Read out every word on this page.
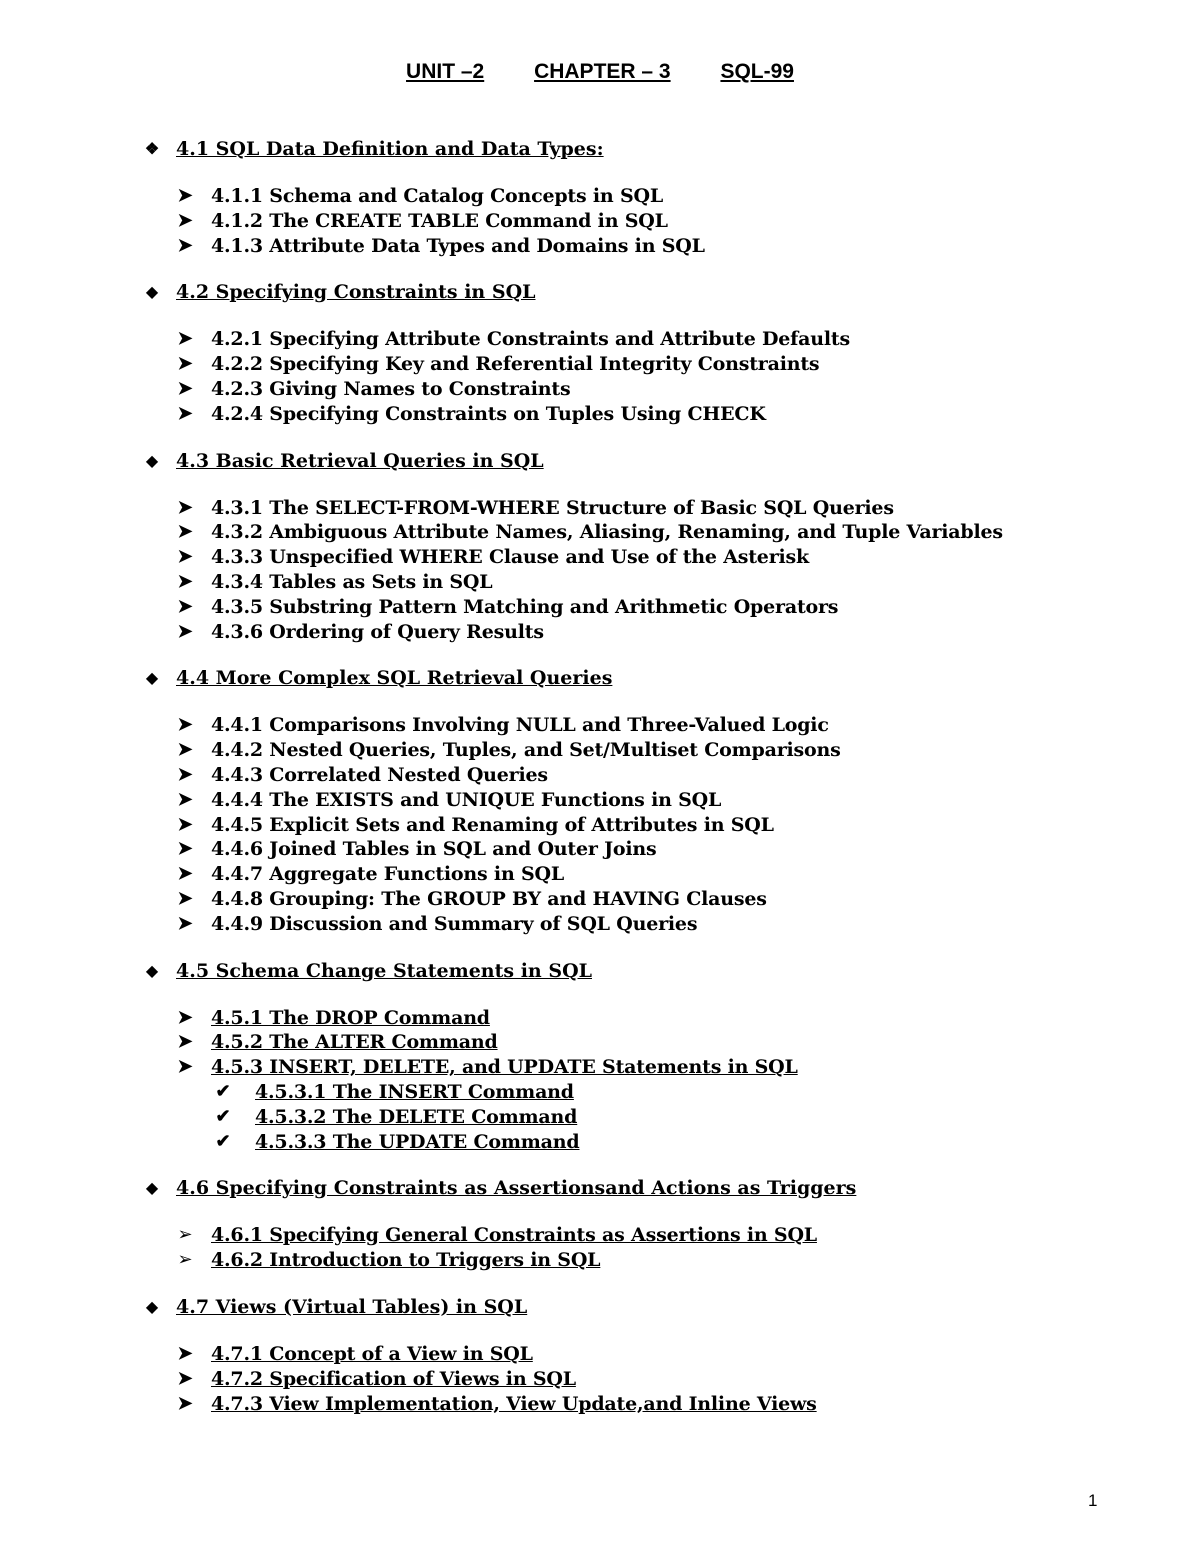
UNIT –2 CHAPTER – 3 SQL-99
❖ 4.1 SQL Data Definition and Data Types:
➤ 4.1.1 Schema and Catalog Concepts in SQL
➤ 4.1.2 The CREATE TABLE Command in SQL
➤ 4.1.3 Attribute Data Types and Domains in SQL
◆ 4.2 Specifying Constraints in SQL
➤ 4.2.1 Specifying Attribute Constraints and Attribute Defaults
➤ 4.2.2 Specifying Key and Referential Integrity Constraints
➤ 4.2.3 Giving Names to Constraints
➤ 4.2.4 Specifying Constraints on Tuples Using CHECK
◆ 4.3 Basic Retrieval Queries in SQL
➤ 4.3.1 The SELECT-FROM-WHERE Structure of Basic SQL Queries
➤ 4.3.2 Ambiguous Attribute Names, Aliasing, Renaming, and Tuple Variables
➤ 4.3.3 Unspecified WHERE Clause and Use of the Asterisk
➤ 4.3.4 Tables as Sets in SQL
➤ 4.3.5 Substring Pattern Matching and Arithmetic Operators
➤ 4.3.6 Ordering of Query Results
◆ 4.4 More Complex SQL Retrieval Queries
➤ 4.4.1 Comparisons Involving NULL and Three-Valued Logic
➤ 4.4.2 Nested Queries, Tuples, and Set/Multiset Comparisons
➤ 4.4.3 Correlated Nested Queries
➤ 4.4.4 The EXISTS and UNIQUE Functions in SQL
➤ 4.4.5 Explicit Sets and Renaming of Attributes in SQL
➤ 4.4.6 Joined Tables in SQL and Outer Joins
➤ 4.4.7 Aggregate Functions in SQL
➤ 4.4.8 Grouping: The GROUP BY and HAVING Clauses
➤ 4.4.9 Discussion and Summary of SQL Queries
◆ 4.5 Schema Change Statements in SQL
➤ 4.5.1 The DROP Command
➤ 4.5.2 The ALTER Command
➤ 4.5.3 INSERT, DELETE, and UPDATE Statements in SQL
✔ 4.5.3.1 The INSERT Command
✔ 4.5.3.2 The DELETE Command
✔ 4.5.3.3 The UPDATE Command
◆ 4.6 Specifying Constraints as Assertionsand Actions as Triggers
➢ 4.6.1 Specifying General Constraints as Assertions in SQL
➢ 4.6.2 Introduction to Triggers in SQL
◆ 4.7 Views (Virtual Tables) in SQL
➤ 4.7.1 Concept of a View in SQL
➤ 4.7.2 Specification of Views in SQL
➤ 4.7.3 View Implementation, View Update,and Inline Views
1
